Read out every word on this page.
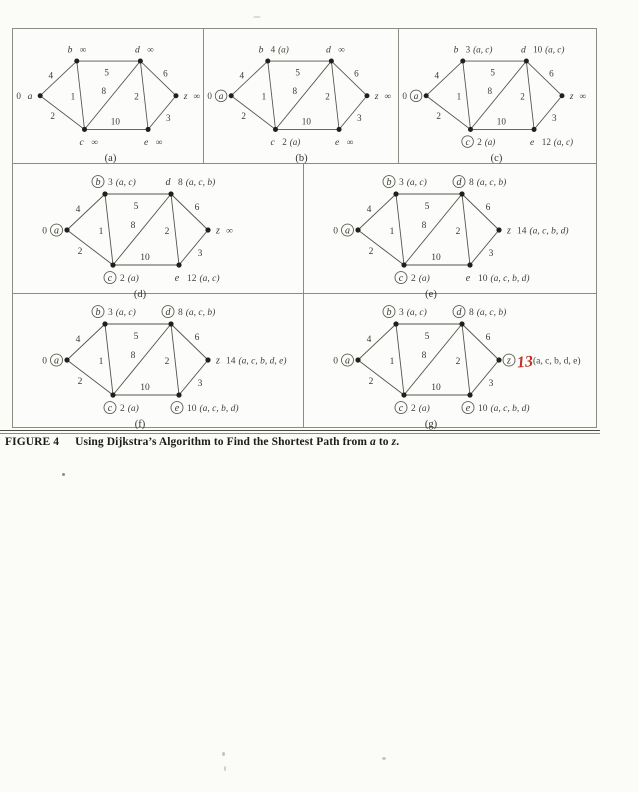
4
2
1
5
8
10
2
6
3
a
0
b ∞	d ∞
z ∞
c ∞	e ∞
(a)
4
2
1
5
8
10
2
6
3
a
0
b 4 (a)	d ∞
z ∞
c 2 (a)	e ∞
(b)
4
2
1
5
8
10
2
6
3
a
0
b 3 (a, c)	d 10 (a, c)
z ∞
c 2 (a)	e 12 (a, c)
(c)
4
2
1
5
8
10
2
6
3
a
0
b 3 (a, c)	d 8 (a, c, b)
z ∞
c 2 (a)	e 12 (a, c)
(d)
4
2
1
5
8
10
2
6
3
a
0
b 3 (a, c)	d 8 (a, c, b)
z 14 (a, c, b, d)
c 2 (a)	e 10 (a, c, b, d)
(e)
4
2
1
5
8
10
2
6
3
a
0
b 3 (a, c)	d 8 (a, c, b)
z 14 (a, c, b, d, e)
c 2 (a)	e 10 (a, c, b, d)
(f)
4
2
1
5
8
10
2
6
3
a
0
b 3 (a, c)	d 8 (a, c, b)
z 13 (a, c, b, d, e)
c 2 (a)	e 10 (a, c, b, d)
(g)

FIGURE 4 Using Dijkstra’s Algorithm to Find the Shortest Path from a to z.
